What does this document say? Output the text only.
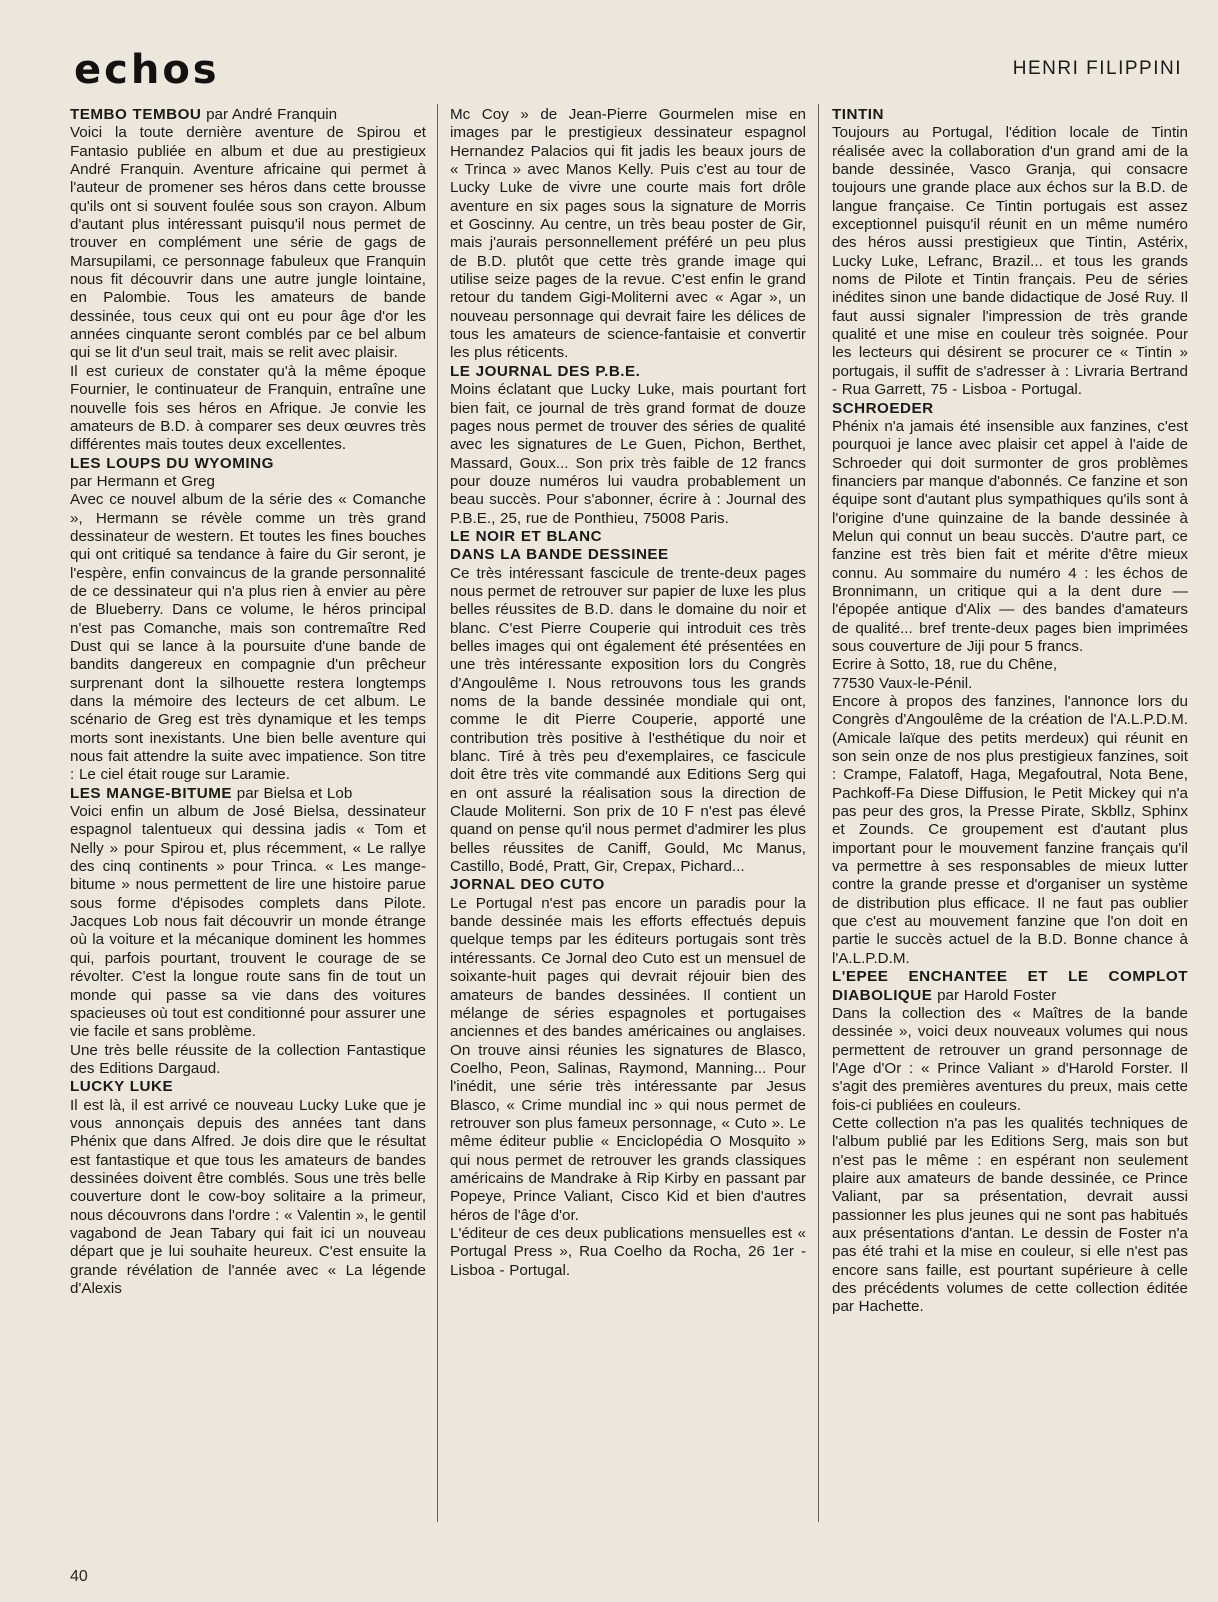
echos	HENRI FILIPPINI
TEMBO TEMBOU par André Franquin
Voici la toute dernière aventure de Spirou et Fantasio publiée en album et due au prestigieux André Franquin. Aventure africaine qui permet à l'auteur de promener ses héros dans cette brousse qu'ils ont si souvent foulée sous son crayon. Album d'autant plus intéressant puisqu'il nous permet de trouver en complément une série de gags de Marsupilami, ce personnage fabuleux que Franquin nous fit découvrir dans une autre jungle lointaine, en Palombie. Tous les amateurs de bande dessinée, tous ceux qui ont eu pour âge d'or les années cinquante seront comblés par ce bel album qui se lit d'un seul trait, mais se relit avec plaisir.
Il est curieux de constater qu'à la même époque Fournier, le continuateur de Franquin, entraîne une nouvelle fois ses héros en Afrique. Je convie les amateurs de B.D. à comparer ses deux œuvres très différentes mais toutes deux excellentes.
LES LOUPS DU WYOMING
par Hermann et Greg
Avec ce nouvel album de la série des « Comanche », Hermann se révèle comme un très grand dessinateur de western. Et toutes les fines bouches qui ont critiqué sa tendance à faire du Gir seront, je l'espère, enfin convaincus de la grande personnalité de ce dessinateur qui n'a plus rien à envier au père de Blueberry. Dans ce volume, le héros principal n'est pas Comanche, mais son contremaître Red Dust qui se lance à la poursuite d'une bande de bandits dangereux en compagnie d'un prêcheur surprenant dont la silhouette restera longtemps dans la mémoire des lecteurs de cet album. Le scénario de Greg est très dynamique et les temps morts sont inexistants. Une bien belle aventure qui nous fait attendre la suite avec impatience. Son titre : Le ciel était rouge sur Laramie.
LES MANGE-BITUME par Bielsa et Lob
Voici enfin un album de José Bielsa, dessinateur espagnol talentueux qui dessina jadis « Tom et Nelly » pour Spirou et, plus récemment, « Le rallye des cinq continents » pour Trinca. « Les mange-bitume » nous permettent de lire une histoire parue sous forme d'épisodes complets dans Pilote. Jacques Lob nous fait découvrir un monde étrange où la voiture et la mécanique dominent les hommes qui, parfois pourtant, trouvent le courage de se révolter. C'est la longue route sans fin de tout un monde qui passe sa vie dans des voitures spacieuses où tout est conditionné pour assurer une vie facile et sans problème.
Une très belle réussite de la collection Fantastique des Editions Dargaud.
LUCKY LUKE
Il est là, il est arrivé ce nouveau Lucky Luke que je vous annonçais depuis des années tant dans Phénix que dans Alfred. Je dois dire que le résultat est fantastique et que tous les amateurs de bandes dessinées doivent être comblés. Sous une très belle couverture dont le cow-boy solitaire a la primeur, nous découvrons dans l'ordre : « Valentin », le gentil vagabond de Jean Tabary qui fait ici un nouveau départ que je lui souhaite heureux. C'est ensuite la grande révélation de l'année avec « La légende d'Alexis
Mc Coy » de Jean-Pierre Gourmelen mise en images par le prestigieux dessinateur espagnol Hernandez Palacios qui fit jadis les beaux jours de « Trinca » avec Manos Kelly. Puis c'est au tour de Lucky Luke de vivre une courte mais fort drôle aventure en six pages sous la signature de Morris et Goscinny. Au centre, un très beau poster de Gir, mais j'aurais personnellement préféré un peu plus de B.D. plutôt que cette très grande image qui utilise seize pages de la revue. C'est enfin le grand retour du tandem Gigi-Moliterni avec « Agar », un nouveau personnage qui devrait faire les délices de tous les amateurs de science-fantaisie et convertir les plus réticents.
LE JOURNAL DES P.B.E.
Moins éclatant que Lucky Luke, mais pourtant fort bien fait, ce journal de très grand format de douze pages nous permet de trouver des séries de qualité avec les signatures de Le Guen, Pichon, Berthet, Massard, Goux... Son prix très faible de 12 francs pour douze numéros lui vaudra probablement un beau succès. Pour s'abonner, écrire à : Journal des P.B.E., 25, rue de Ponthieu, 75008 Paris.
LE NOIR ET BLANC
DANS LA BANDE DESSINEE
Ce très intéressant fascicule de trente-deux pages nous permet de retrouver sur papier de luxe les plus belles réussites de B.D. dans le domaine du noir et blanc. C'est Pierre Couperie qui introduit ces très belles images qui ont également été présentées en une très intéressante exposition lors du Congrès d'Angoulême I. Nous retrouvons tous les grands noms de la bande dessinée mondiale qui ont, comme le dit Pierre Couperie, apporté une contribution très positive à l'esthétique du noir et blanc. Tiré à très peu d'exemplaires, ce fascicule doit être très vite commandé aux Editions Serg qui en ont assuré la réalisation sous la direction de Claude Moliterni. Son prix de 10 F n'est pas élevé quand on pense qu'il nous permet d'admirer les plus belles réussites de Caniff, Gould, Mc Manus, Castillo, Bodé, Pratt, Gir, Crepax, Pichard...
JORNAL DEO CUTO
Le Portugal n'est pas encore un paradis pour la bande dessinée mais les efforts effectués depuis quelque temps par les éditeurs portugais sont très intéressants. Ce Jornal deo Cuto est un mensuel de soixante-huit pages qui devrait réjouir bien des amateurs de bandes dessinées. Il contient un mélange de séries espagnoles et portugaises anciennes et des bandes américaines ou anglaises. On trouve ainsi réunies les signatures de Blasco, Coelho, Peon, Salinas, Raymond, Manning... Pour l'inédit, une série très intéressante par Jesus Blasco, « Crime mundial inc » qui nous permet de retrouver son plus fameux personnage, « Cuto ». Le même éditeur publie « Enciclopédia O Mosquito » qui nous permet de retrouver les grands classiques américains de Mandrake à Rip Kirby en passant par Popeye, Prince Valiant, Cisco Kid et bien d'autres héros de l'âge d'or.
L'éditeur de ces deux publications mensuelles est « Portugal Press », Rua Coelho da Rocha, 26 1er - Lisboa - Portugal.
TINTIN
Toujours au Portugal, l'édition locale de Tintin réalisée avec la collaboration d'un grand ami de la bande dessinée, Vasco Granja, qui consacre toujours une grande place aux échos sur la B.D. de langue française. Ce Tintin portugais est assez exceptionnel puisqu'il réunit en un même numéro des héros aussi prestigieux que Tintin, Astérix, Lucky Luke, Lefranc, Brazil... et tous les grands noms de Pilote et Tintin français. Peu de séries inédites sinon une bande didactique de José Ruy. Il faut aussi signaler l'impression de très grande qualité et une mise en couleur très soignée. Pour les lecteurs qui désirent se procurer ce « Tintin » portugais, il suffit de s'adresser à : Livraria Bertrand - Rua Garrett, 75 - Lisboa - Portugal.
SCHROEDER
Phénix n'a jamais été insensible aux fanzines, c'est pourquoi je lance avec plaisir cet appel à l'aide de Schroeder qui doit surmonter de gros problèmes financiers par manque d'abonnés. Ce fanzine et son équipe sont d'autant plus sympathiques qu'ils sont à l'origine d'une quinzaine de la bande dessinée à Melun qui connut un beau succès. D'autre part, ce fanzine est très bien fait et mérite d'être mieux connu. Au sommaire du numéro 4 : les échos de Bronnimann, un critique qui a la dent dure — l'épopée antique d'Alix — des bandes d'amateurs de qualité... bref trente-deux pages bien imprimées sous couverture de Jiji pour 5 francs.
Ecrire à Sotto, 18, rue du Chêne,
77530 Vaux-le-Pénil.
Encore à propos des fanzines, l'annonce lors du Congrès d'Angoulême de la création de l'A.L.P.D.M. (Amicale laïque des petits merdeux) qui réunit en son sein onze de nos plus prestigieux fanzines, soit : Crampe, Falatoff, Haga, Megafoutral, Nota Bene, Pachkoff-Fa Diese Diffusion, le Petit Mickey qui n'a pas peur des gros, la Presse Pirate, Skbllz, Sphinx et Zounds. Ce groupement est d'autant plus important pour le mouvement fanzine français qu'il va permettre à ses responsables de mieux lutter contre la grande presse et d'organiser un système de distribution plus efficace. Il ne faut pas oublier que c'est au mouvement fanzine que l'on doit en partie le succès actuel de la B.D. Bonne chance à l'A.L.P.D.M.
L'EPEE ENCHANTEE ET LE COMPLOT DIABOLIQUE par Harold Foster
Dans la collection des « Maîtres de la bande dessinée », voici deux nouveaux volumes qui nous permettent de retrouver un grand personnage de l'Age d'Or : « Prince Valiant » d'Harold Forster. Il s'agit des premières aventures du preux, mais cette fois-ci publiées en couleurs.
Cette collection n'a pas les qualités techniques de l'album publié par les Editions Serg, mais son but n'est pas le même : en espérant non seulement plaire aux amateurs de bande dessinée, ce Prince Valiant, par sa présentation, devrait aussi passionner les plus jeunes qui ne sont pas habitués aux présentations d'antan. Le dessin de Foster n'a pas été trahi et la mise en couleur, si elle n'est pas encore sans faille, est pourtant supérieure à celle des précédents volumes de cette collection éditée par Hachette.
40
